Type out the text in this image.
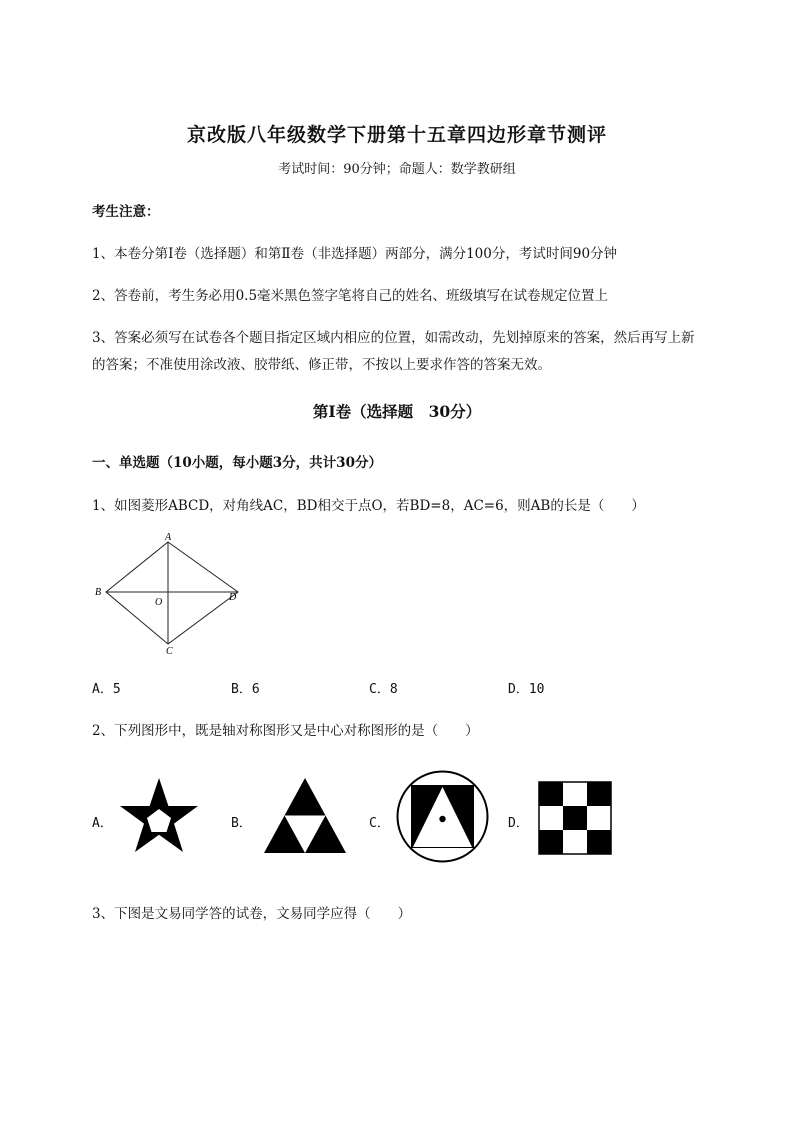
京改版八年级数学下册第十五章四边形章节测评
考试时间：90分钟；命题人：数学教研组
考生注意：
1、本卷分第I卷（选择题）和第Ⅱ卷（非选择题）两部分，满分100分，考试时间90分钟
2、答卷前，考生务必用0.5毫米黑色签字笔将自己的姓名、班级填写在试卷规定位置上
3、答案必须写在试卷各个题目指定区域内相应的位置，如需改动，先划掉原来的答案，然后再写上新
的答案；不准使用涂改液、胶带纸、修正带，不按以上要求作答的答案无效。
第I卷（选择题　30分）
一、单选题（10小题，每小题3分，共计30分）
1、如图菱形ABCD，对角线AC，BD相交于点O，若BD=8，AC=6，则AB的长是（　　）
A
B
C
D
O
A．5	B．6	C．8	D．10
2、下列图形中，既是轴对称图形又是中心对称图形的是（　　）
A．	B．	C．	D．
3、下图是文易同学答的试卷，文易同学应得（　　）
